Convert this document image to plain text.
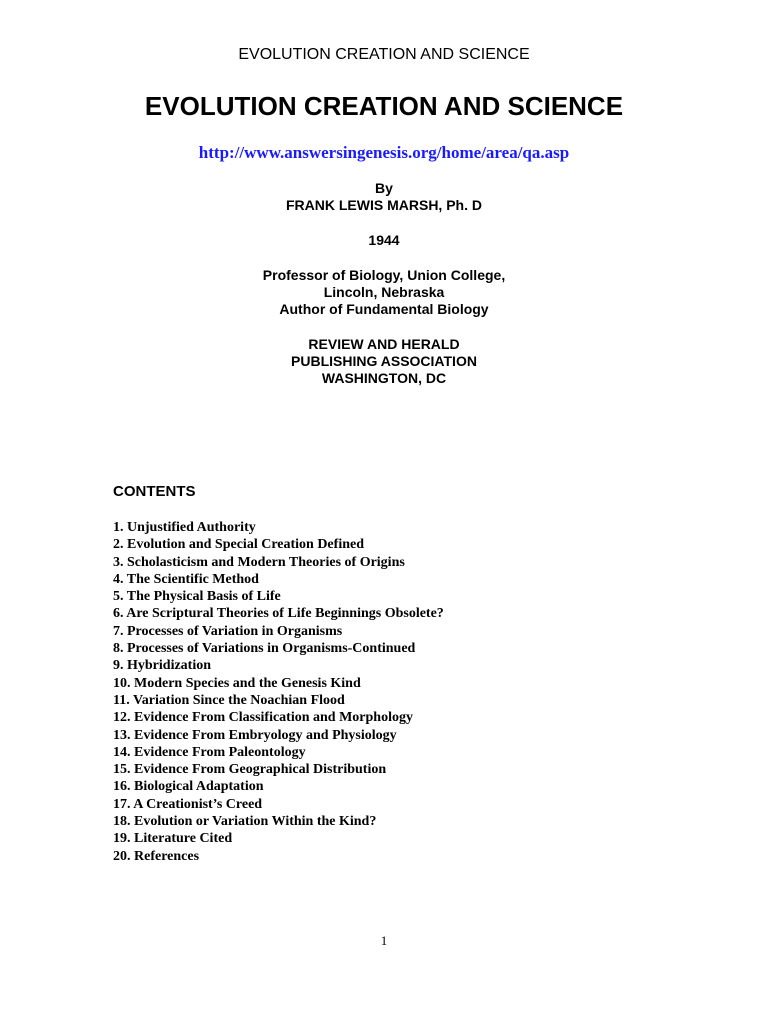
EVOLUTION CREATION AND SCIENCE
EVOLUTION CREATION AND SCIENCE
http://www.answersingenesis.org/home/area/qa.asp
By
FRANK LEWIS MARSH, Ph. D
1944
Professor of Biology, Union College,
Lincoln, Nebraska
Author of Fundamental Biology
REVIEW AND HERALD
PUBLISHING ASSOCIATION
WASHINGTON, DC
CONTENTS
1. Unjustified Authority
2. Evolution and Special Creation Defined
3. Scholasticism and Modern Theories of Origins
4. The Scientific Method
5. The Physical Basis of Life
6. Are Scriptural Theories of Life Beginnings Obsolete?
7. Processes of Variation in Organisms
8. Processes of Variations in Organisms-Continued
9. Hybridization
10. Modern Species and the Genesis Kind
11. Variation Since the Noachian Flood
12. Evidence From Classification and Morphology
13. Evidence From Embryology and Physiology
14. Evidence From Paleontology
15. Evidence From Geographical Distribution
16. Biological Adaptation
17. A Creationist’s Creed
18. Evolution or Variation Within the Kind?
19. Literature Cited
20. References
1
